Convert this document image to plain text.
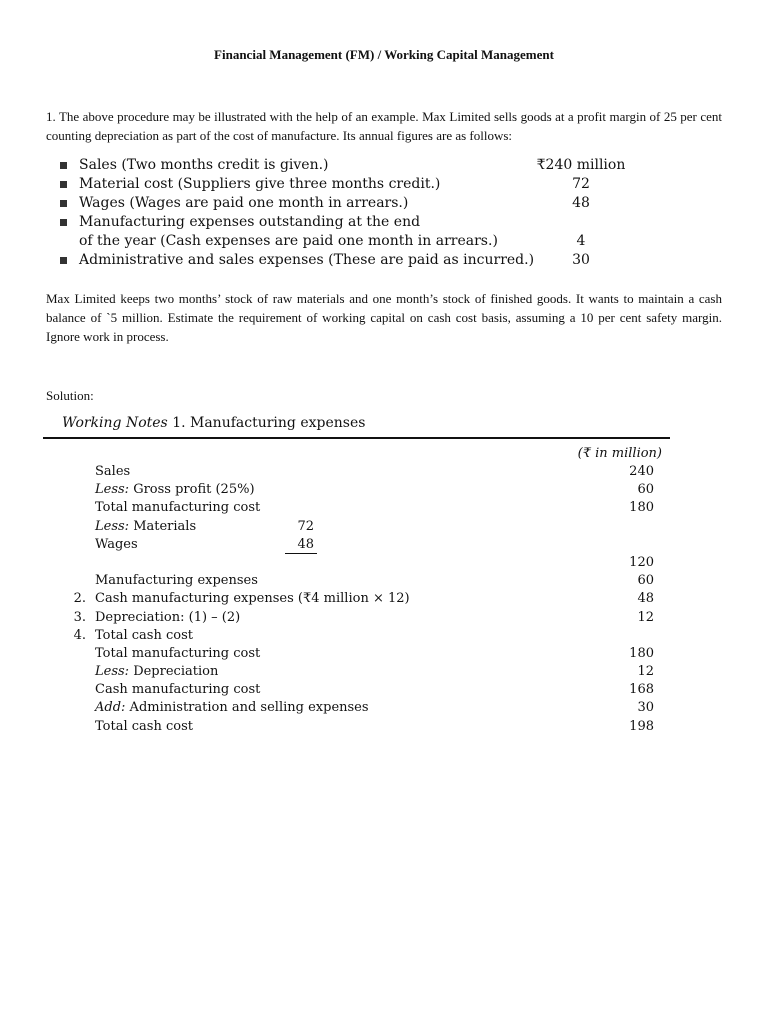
Financial Management (FM) / Working Capital Management
1. The above procedure may be illustrated with the help of an example. Max Limited sells goods at a profit margin of 25 per cent counting depreciation as part of the cost of manufacture. Its annual figures are as follows:
Sales (Two months credit is given.)	₹240 million
Material cost (Suppliers give three months credit.)	72
Wages (Wages are paid one month in arrears.)	48
Manufacturing expenses outstanding at the end
of the year (Cash expenses are paid one month in arrears.)	4
Administrative and sales expenses (These are paid as incurred.)	30
Max Limited keeps two months’ stock of raw materials and one month’s stock of finished goods. It wants to maintain a cash balance of `5 million. Estimate the requirement of working capital on cash cost basis, assuming a 10 per cent safety margin. Ignore work in process.
Solution:
Working Notes 1. Manufacturing expenses
(₹ in million)
Sales	240
Less: Gross profit (25%)	60
Total manufacturing cost	180
Less: Materials	72
Wages	48
120
Manufacturing expenses	60
2. Cash manufacturing expenses (₹4 million × 12)	48
3. Depreciation: (1) – (2)	12
4. Total cash cost
Total manufacturing cost	180
Less: Depreciation	12
Cash manufacturing cost	168
Add: Administration and selling expenses	30
Total cash cost	198
